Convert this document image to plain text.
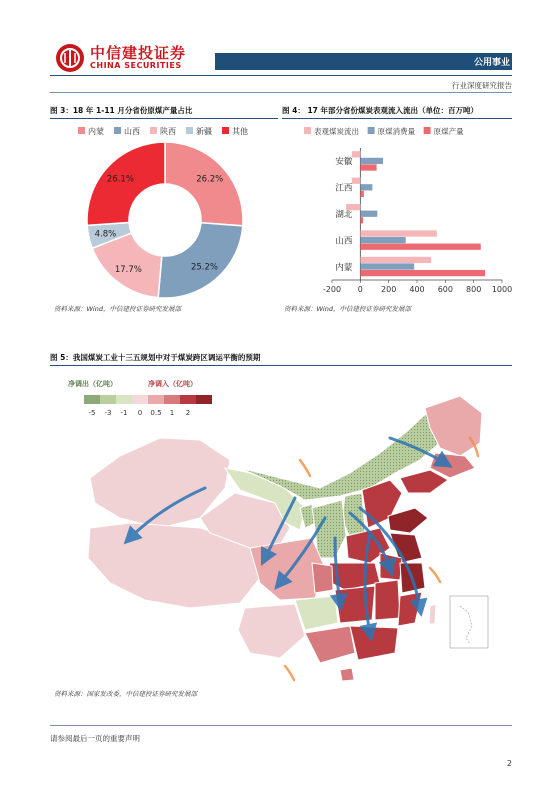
中信建投证券
CHINA SECURITIES	公用事业
行业深度研究报告
图 3：18 年 1-11 月分省份原煤产量占比
内蒙	山西	陕西	新疆	其他
26.2%
25.2%
17.7%
4.8%
26.1%
资料来源：Wind，中信建投证券研究发展部
图 4： 17 年部分省份煤炭表观流入流出（单位：百万吨）
表观煤炭流出 原煤消费量 原煤产量
-200 0 200 400 600 800 1000
安徽
江西
湖北
山西
内蒙
资料来源：Wind，中信建投证券研究发展部
图 5：我国煤炭工业十三五规划中对于煤炭跨区调运平衡的预期
净调出（亿吨）	净调入（亿吨）
-5 -3 -1 0 0.5 1 2
资料来源：国家发改委，中信建投证券研究发展部
请参阅最后一页的重要声明
2
